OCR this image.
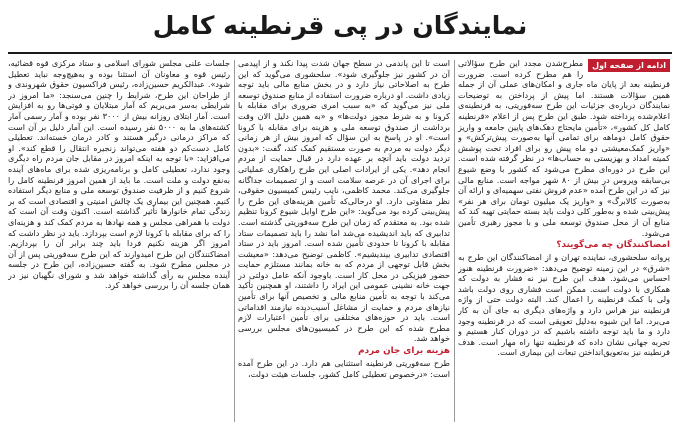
نمایندگان در پی قرنطینه کامل
ادامه از صفحه اول

مطرح‌شدن مجدد این طرح سؤالاتی را هم مطرح کرده است. ضرورت قرنطینه بعد از پایان ماه جاری و امکان‌های عملی آن از جمله همین سؤالات هستند. اما پیش از پرداختن به توضیحات نمایندگان درباره‌ی جزئیات این طرح سه‌فوریتی، به قرنطینه‌ی اعلام‌شده پرداخته شود. طبق این طرح پس از اعلام «قرنطینه کامل کل کشور»، «تأمین مایحتاج دهک‌های پایین جامعه و واریز حقوق کامل دوماهه برای تمامی آنها به‌صورت پیش‌ترکش» و «واریز کمک‌معیشتی دو ماه پیش رو برای افراد تحت پوشش کمیته امداد و بهزیستی به حساب‌ها» در نظر گرفته شده است. این طرح در دوره‌ای مطرح می‌شود که کشور با وضع شیوع بی‌سابقه ویروس در بیش از ۸۰ شهر مواجه است. منابع مالی نیز که در این طرح آمده «عدم فروش نفتی سهمیه‌ای و ارائه آن به‌صورت کالابرگ» و «واریز یک میلیون تومان برای هر نفر» پیش‌بینی شده و به‌طور کلی دولت باید بسته حمایتی تهیه کند که منابع آن از محل صندوق توسعه ملی و با مجوز رهبری تأمین می‌شود.

امضاکنندگان چه می‌گویند؟

پروانه سلحشوری، نماینده تهران و از امضاکنندگان این طرح به «شرق» در این زمینه توضیح می‌دهد: «ضرورت قرنطینه هنوز احساس می‌شود. هدف این طرح نیز نه فشار به دولت که همکاری با دولت است. ممکن است فشاری روی دولت باشد ولی با کمک قرنطینه را اعمال کند. البته دولت حتی از واژه قرنطینه نیز هراس دارد و واژه‌های دیگری به جای آن به کار می‌برد. اما این شیوه به‌دلیل تعویقی است که در قرنطینه وجود دارد و ما باید توجه داشته باشیم که در دوران کنار هستیم و تجربه جهانی نشان داده که قرنطینه تنها راه مهار است. هدف قرنطینه نیز به‌تعویق‌انداختن تبعات این بیماری است.

است تا این پاندمی در سطح جهان شدت پیدا نکند و از اپیدمی آن در کشور نیز جلوگیری شود». سلحشوری می‌گوید که این طرح به اصلاحاتی نیاز دارد و در بخش منابع مالی باید توجه زیادی داشت. او درباره ضرورت استفاده از منابع صندوق توسعه ملی نیز می‌گوید که «به سبب امری ضروری برای مقابله با کرونا و به شرط مجوز دولت‌ها» و «به همین دلیل الان وقت برداشت از صندوق توسعه ملی و هزینه برای مقابله با کرونا است». او در پاسخ به این سؤال که امروز بیش از هر زمانی دیگر دولت به مردم به صورت مستقیم کمک کند، گفت: «بدون تردید دولت باید آنچه بر عهده دارد در قبال حمایت از مردم انجام دهد». یکی از ایرادات اصلی این طرح راهکاری عملیاتی برای اجرای آن در عرصه سلامت است و از تصمیمات جداگانه جلوگیری می‌کند. محمد کاظمی، نایب رئیس کمیسیون حقوقی، نظر متفاوتی دارد. او درحالی‌که تأمین هزینه‌های این طرح را پیش‌بینی کرده بود می‌گوید: «این طرح اوایل شیوع کرونا تنظیم شده بود. به معتقدم که زمان این طرح سه‌فوریتی گذشته است. تدابیری که باید اندیشیده می‌شد اما نشد را باید تصمیمات ستاد مقابله با کرونا تا حدودی تأمین شده است. امروز باید در ستاد اقتصادی تدابیری بیندیشیم». کاظمی توضیح می‌دهد: «معیشت بخش قابل توجهی از مردم که به خانه بمانند مستلزم حمایت حضور فیزیکی در محل کار است. باوجود آنکه عامل دولتی در جهت خانه نشینی عمومی این ایراد را داشتند، او همچنین تأکید می‌کند با توجه به تأمین منابع مالی و تخصیص آنها برای تأمین نیازهای مردم و حمایت از مشاغل آسیب‌دیده نیازمند اقداماتی است. باید در حوزه‌های مختلفی برای تأمین اعتبارات لازم مطرح شده که این طرح در کمیسیون‌های مجلس بررسی خواهد شد.

هزینه برای جان مردم

طرح سه‌فوریتی قرنطینه استثنایی هم دارد. در این طرح آمده است: «درخصوص تعطیلی کامل کشور، جلسات هیئت دولت،

جلسات علنی مجلس شورای اسلامی و ستاد مرکزی قوه قضائیه، رئیس قوه و معاونان آن استثنا بوده و به‌هیچ‌وجه نباید تعطیل شود». عبدالکریم حسین‌زاده، رئیس فراکسیون حقوق شهروندی و از طراحان این طرح، شرایط را چنین می‌سنجد: «ما امروز در شرایطی به‌سر می‌بریم که آمار مبتلایان و فوتی‌ها رو به افزایش است. آمار ابتلای روزانه بیش از ۳۰۰۰ نفر بوده و آمار رسمی آمار کشته‌های ما به ۵۰۰۰ نفر رسیده است. این آمار دلیل بر آن است که مراکز درمانی درگیر هستند و کادر درمان خسته‌اند. تعطیلی کامل دست‌کم دو هفته می‌تواند زنجیره انتقال را قطع کند». او می‌افزاید: «با توجه به اینکه امروز در مقابل جان مردم راه دیگری وجود ندارد، تعطیلی کامل و برنامه‌ریزی شده برای ماه‌های آینده به‌نفع دولت و ملت است. ما باید از همین امروز قرنطینه کامل را شروع کنیم و از ظرفیت صندوق توسعه ملی و منابع دیگر استفاده کنیم. همچنین این بیماری یک چالش امنیتی و اقتصادی است که بر زندگی تمام خانوارها تأثیر گذاشته است. اکنون وقت آن است که دولت با همراهی مجلس و همه نهادها به مردم کمک کند و هزینه‌ای را که برای مقابله با کرونا لازم است بپردازد. باید در نظر داشت که امروز اگر هزینه نکنیم فردا باید چند برابر آن را بپردازیم. امضاکنندگان این طرح امیدوارند که این طرح سه‌فوریتی پس از آن در مجلس مطرح شود. به گفته حسین‌زاده، این طرح در جلسه آینده مجلس به رأی گذاشته خواهد شد و شورای نگهبان نیز در همان جلسه آن را بررسی خواهد کرد.
